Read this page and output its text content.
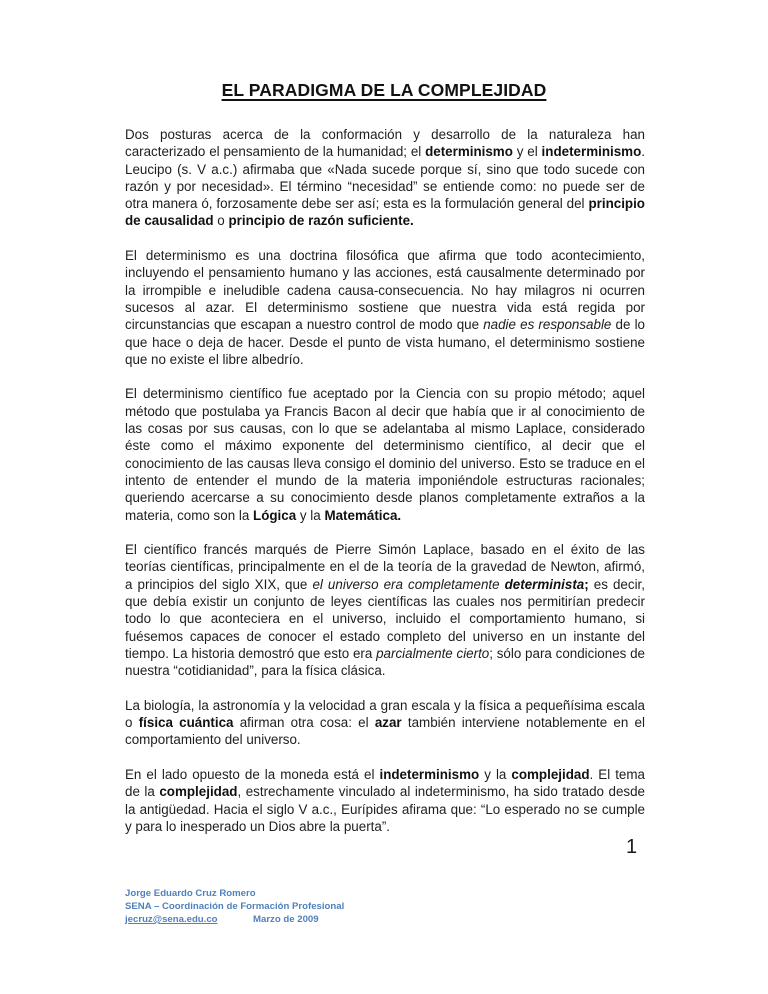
EL PARADIGMA DE LA COMPLEJIDAD

Dos posturas acerca de la conformación y desarrollo de la naturaleza han caracterizado el pensamiento de la humanidad; el determinismo y el indeterminismo. Leucipo (s. V a.c.) afirmaba que «Nada sucede porque sí, sino que todo sucede con razón y por necesidad». El término “necesidad” se entiende como: no puede ser de otra manera ó, forzosamente debe ser así; esta es la formulación general del principio de causalidad o principio de razón suficiente.

El determinismo es una doctrina filosófica que afirma que todo acontecimiento, incluyendo el pensamiento humano y las acciones, está causalmente determinado por la irrompible e ineludible cadena causa-consecuencia. No hay milagros ni ocurren sucesos al azar. El determinismo sostiene que nuestra vida está regida por circunstancias que escapan a nuestro control de modo que nadie es responsable de lo que hace o deja de hacer. Desde el punto de vista humano, el determinismo sostiene que no existe el libre albedrío.

El determinismo científico fue aceptado por la Ciencia con su propio método; aquel método que postulaba ya Francis Bacon al decir que había que ir al conocimiento de las cosas por sus causas, con lo que se adelantaba al mismo Laplace, considerado éste como el máximo exponente del determinismo científico, al decir que el conocimiento de las causas lleva consigo el dominio del universo. Esto se traduce en el intento de entender el mundo de la materia imponiéndole estructuras racionales; queriendo acercarse a su conocimiento desde planos completamente extraños a la materia, como son la Lógica y la Matemática.

El científico francés marqués de Pierre Simón Laplace, basado en el éxito de las teorías científicas, principalmente en el de la teoría de la gravedad de Newton, afirmó, a principios del siglo XIX, que el universo era completamente determinista; es decir, que debía existir un conjunto de leyes científicas las cuales nos permitirían predecir todo lo que aconteciera en el universo, incluido el comportamiento humano, si fuésemos capaces de conocer el estado completo del universo en un instante del tiempo. La historia demostró que esto era parcialmente cierto; sólo para condiciones de nuestra “cotidianidad”, para la física clásica.

La biología, la astronomía y la velocidad a gran escala y la física a pequeñísima escala o física cuántica afirman otra cosa: el azar también interviene notablemente en el comportamiento del universo.

En el lado opuesto de la moneda está el indeterminismo y la complejidad. El tema de la complejidad, estrechamente vinculado al indeterminismo, ha sido tratado desde la antigüedad. Hacia el siglo V a.c., Eurípides afirama que: “Lo esperado no se cumple y para lo inesperado un Dios abre la puerta”.

1
Jorge Eduardo Cruz Romero
SENA – Coordinación de Formación Profesional
jecruz@sena.edu.co	Marzo de 2009
